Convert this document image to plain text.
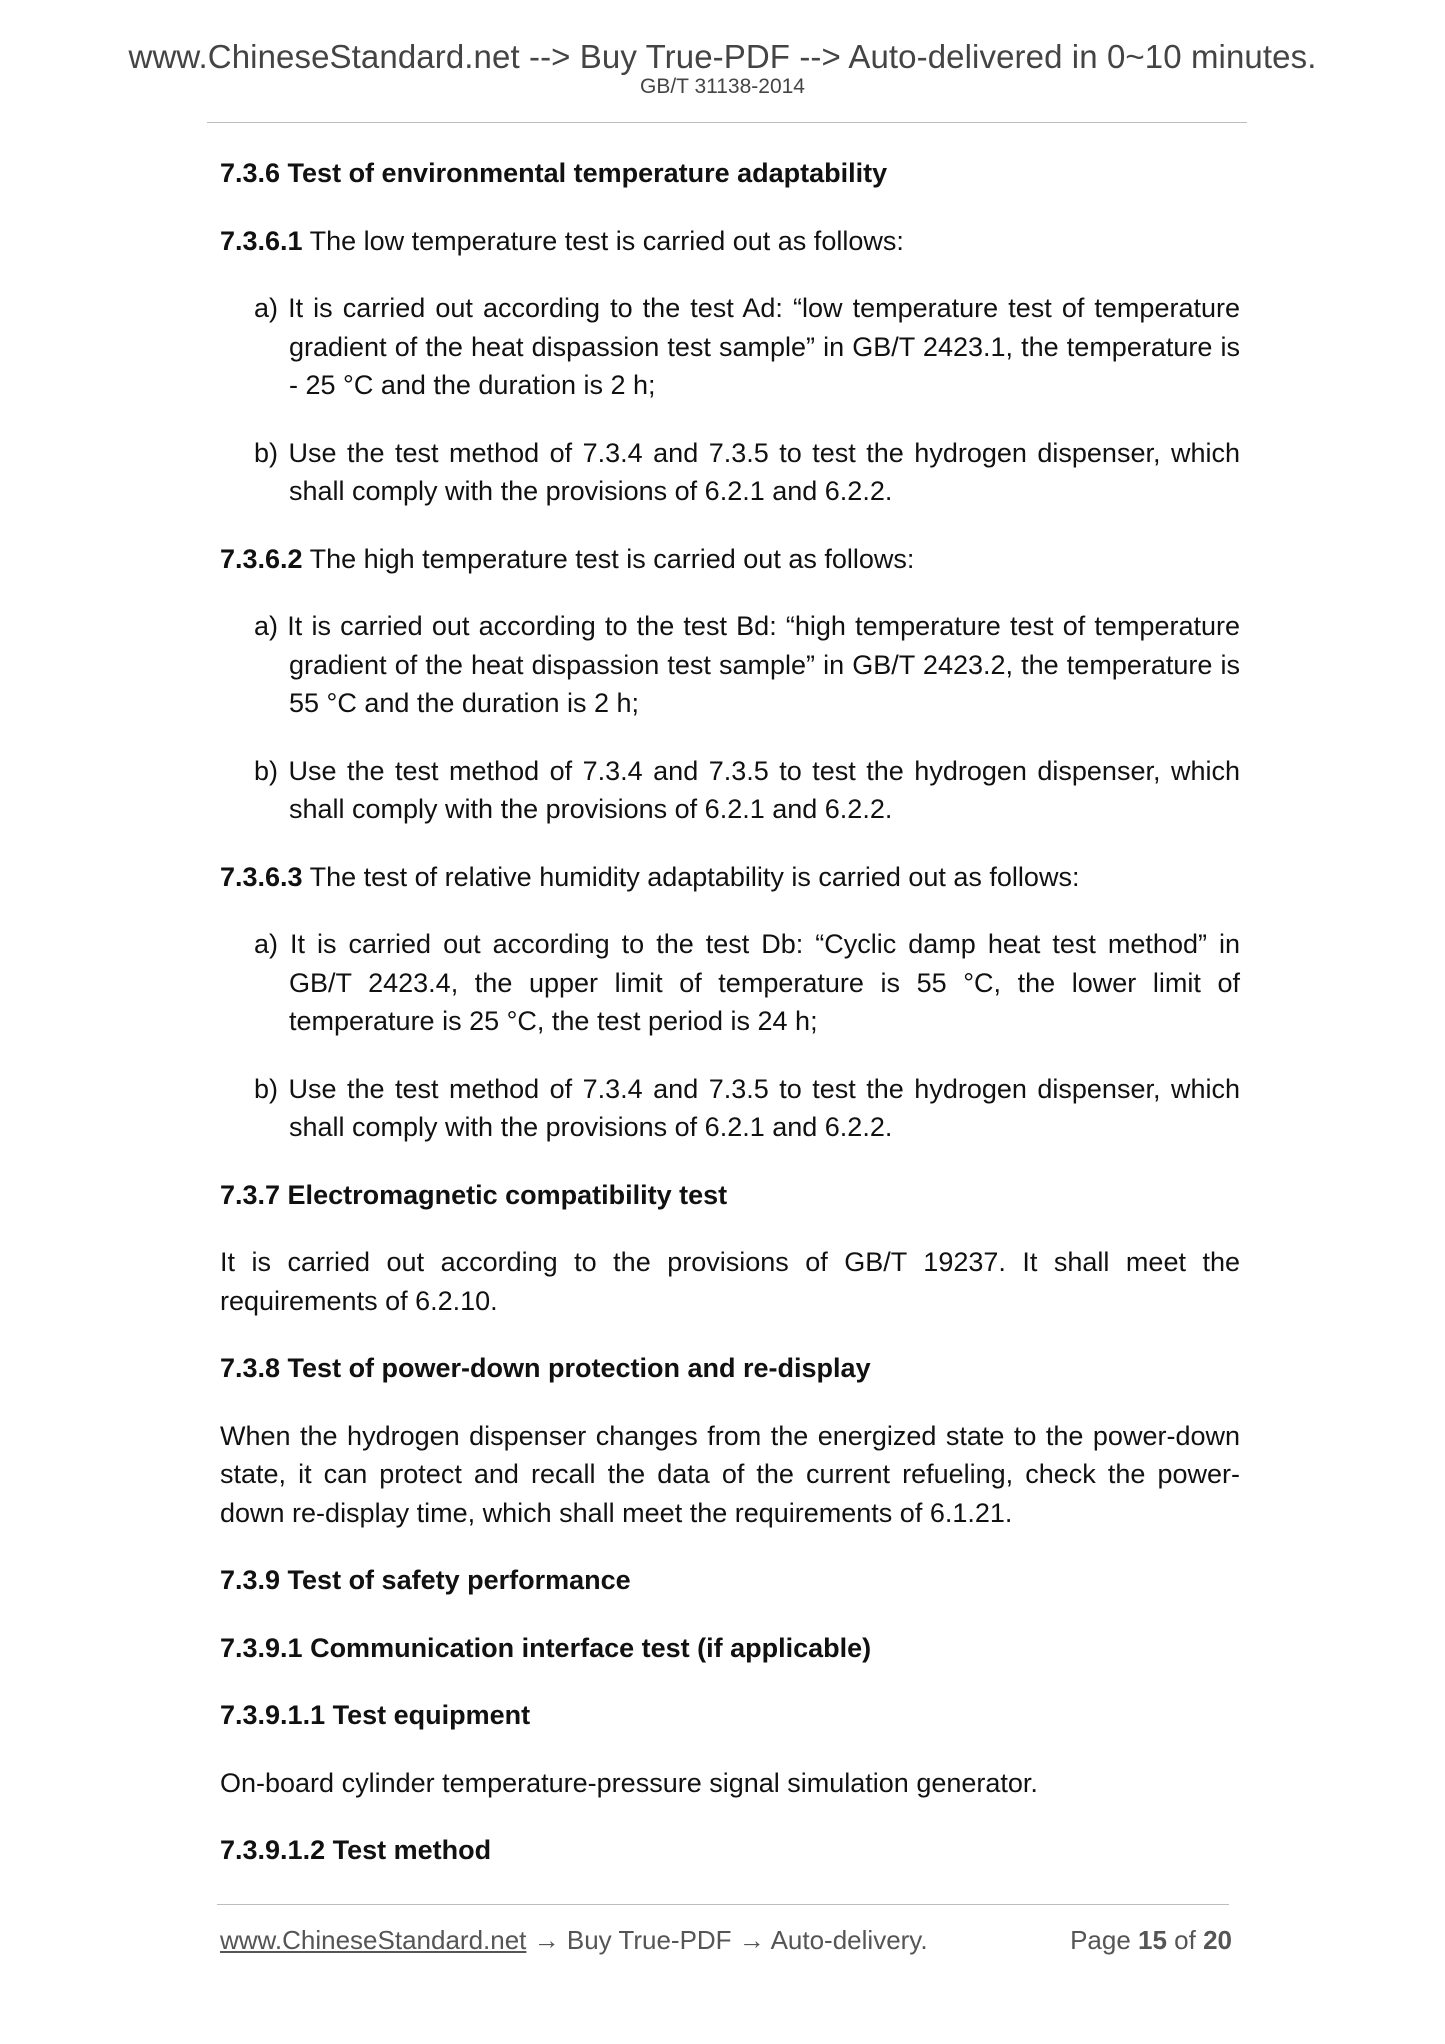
www.ChineseStandard.net --> Buy True-PDF --> Auto-delivered in 0~10 minutes.
GB/T 31138-2014
7.3.6 Test of environmental temperature adaptability
7.3.6.1 The low temperature test is carried out as follows:
a) It is carried out according to the test Ad: “low temperature test of temperature gradient of the heat dispassion test sample” in GB/T 2423.1, the temperature is - 25 °C and the duration is 2 h;
b) Use the test method of 7.3.4 and 7.3.5 to test the hydrogen dispenser, which shall comply with the provisions of 6.2.1 and 6.2.2.
7.3.6.2 The high temperature test is carried out as follows:
a) It is carried out according to the test Bd: “high temperature test of temperature gradient of the heat dispassion test sample” in GB/T 2423.2, the temperature is 55 °C and the duration is 2 h;
b) Use the test method of 7.3.4 and 7.3.5 to test the hydrogen dispenser, which shall comply with the provisions of 6.2.1 and 6.2.2.
7.3.6.3 The test of relative humidity adaptability is carried out as follows:
a) It is carried out according to the test Db: “Cyclic damp heat test method” in GB/T 2423.4, the upper limit of temperature is 55 °C, the lower limit of temperature is 25 °C, the test period is 24 h;
b) Use the test method of 7.3.4 and 7.3.5 to test the hydrogen dispenser, which shall comply with the provisions of 6.2.1 and 6.2.2.
7.3.7 Electromagnetic compatibility test
It is carried out according to the provisions of GB/T 19237. It shall meet the requirements of 6.2.10.
7.3.8 Test of power-down protection and re-display
When the hydrogen dispenser changes from the energized state to the power-down state, it can protect and recall the data of the current refueling, check the power-down re-display time, which shall meet the requirements of 6.1.21.
7.3.9 Test of safety performance
7.3.9.1 Communication interface test (if applicable)
7.3.9.1.1 Test equipment
On-board cylinder temperature-pressure signal simulation generator.
7.3.9.1.2 Test method
www.ChineseStandard.net → Buy True-PDF → Auto-delivery.	Page 15 of 20
